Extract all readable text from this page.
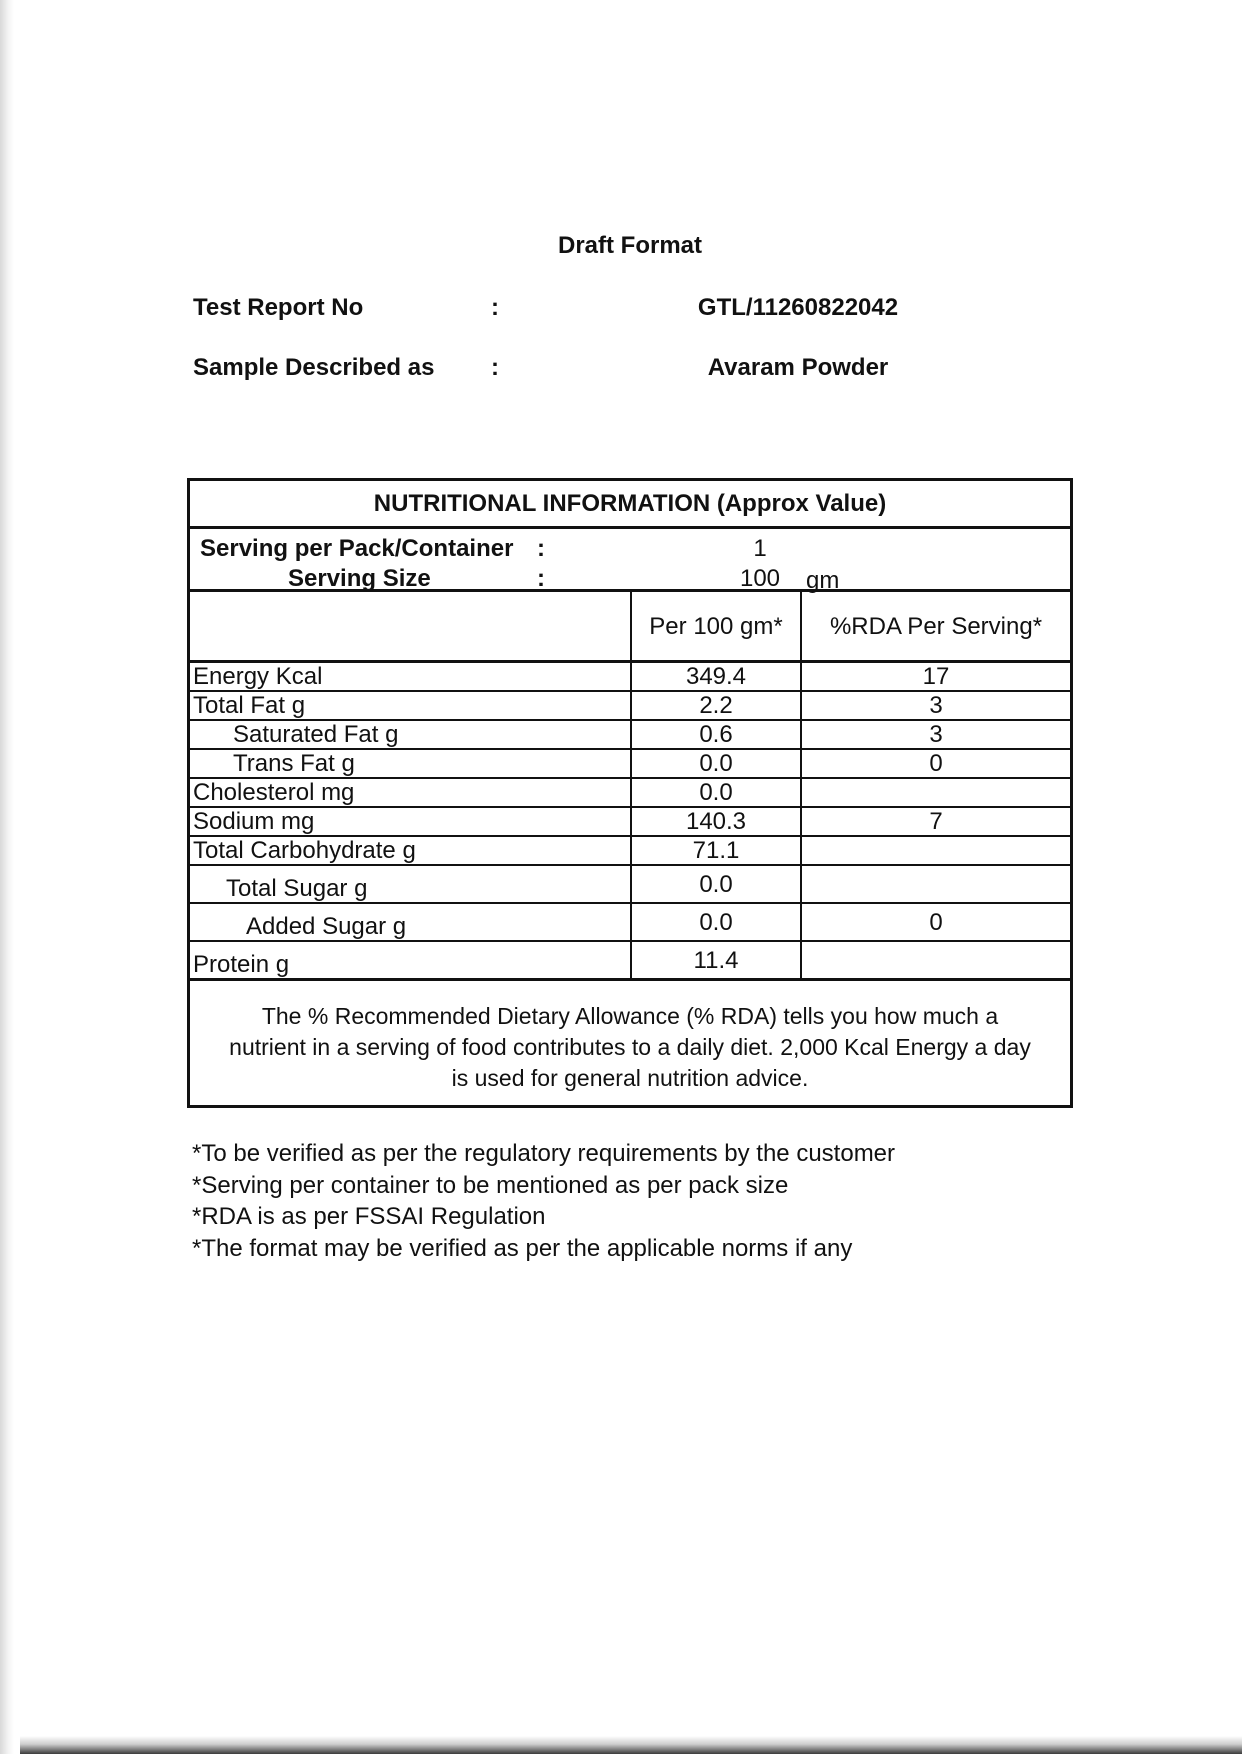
Draft Format
Test Report No	:	GTL/11260822042
Sample Described as :	Avaram Powder
NUTRITIONAL INFORMATION (Approx Value)
Serving per Pack/Container :	1
Serving Size	:	100	gm
	Per 100 gm*	%RDA Per Serving*
Energy Kcal	349.4	17
Total Fat g	2.2	3
Saturated Fat g	0.6	3
Trans Fat g	0.0	0
Cholesterol mg	0.0	
Sodium mg	140.3	7
Total Carbohydrate g	71.1	
Total Sugar g	0.0	
Added Sugar g	0.0	0
Protein g	11.4	
The % Recommended Dietary Allowance (% RDA) tells you how much a
nutrient in a serving of food contributes to a daily diet. 2,000 Kcal Energy a day
is used for general nutrition advice.
*To be verified as per the regulatory requirements by the customer
*Serving per container to be mentioned as per pack size
*RDA is as per FSSAI Regulation
*The format may be verified as per the applicable norms if any
